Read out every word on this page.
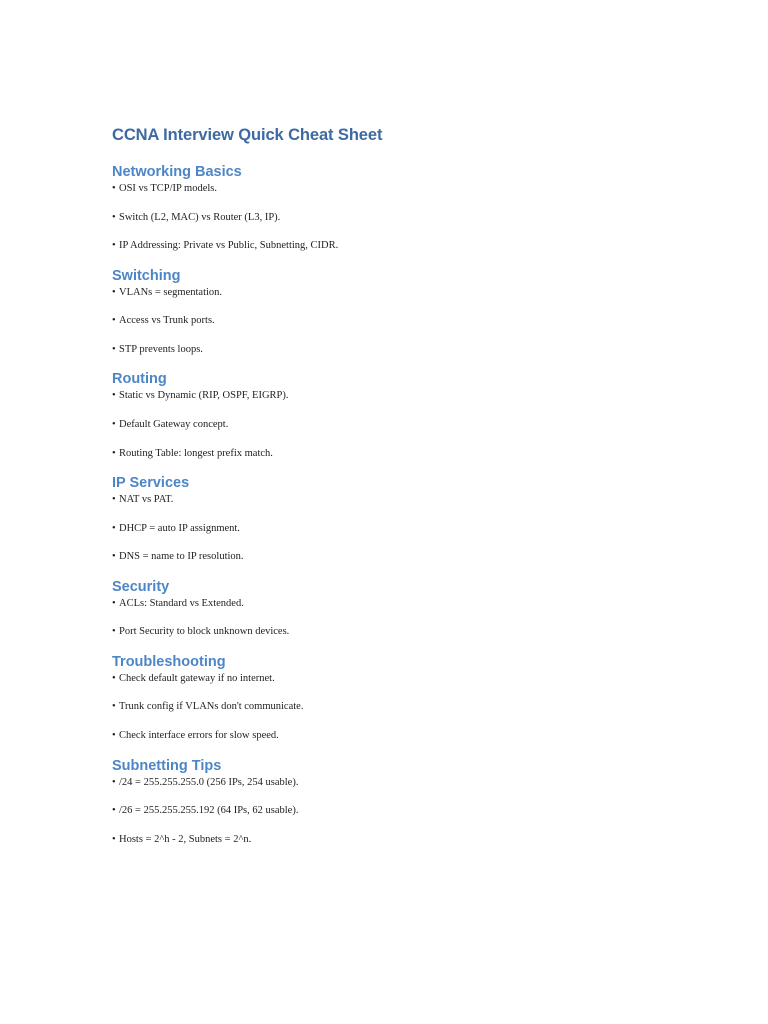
CCNA Interview Quick Cheat Sheet
Networking Basics
• OSI vs TCP/IP models.
• Switch (L2, MAC) vs Router (L3, IP).
• IP Addressing: Private vs Public, Subnetting, CIDR.
Switching
• VLANs = segmentation.
• Access vs Trunk ports.
• STP prevents loops.
Routing
• Static vs Dynamic (RIP, OSPF, EIGRP).
• Default Gateway concept.
• Routing Table: longest prefix match.
IP Services
• NAT vs PAT.
• DHCP = auto IP assignment.
• DNS = name to IP resolution.
Security
• ACLs: Standard vs Extended.
• Port Security to block unknown devices.
Troubleshooting
• Check default gateway if no internet.
• Trunk config if VLANs don't communicate.
• Check interface errors for slow speed.
Subnetting Tips
• /24 = 255.255.255.0 (256 IPs, 254 usable).
• /26 = 255.255.255.192 (64 IPs, 62 usable).
• Hosts = 2^h - 2, Subnets = 2^n.
